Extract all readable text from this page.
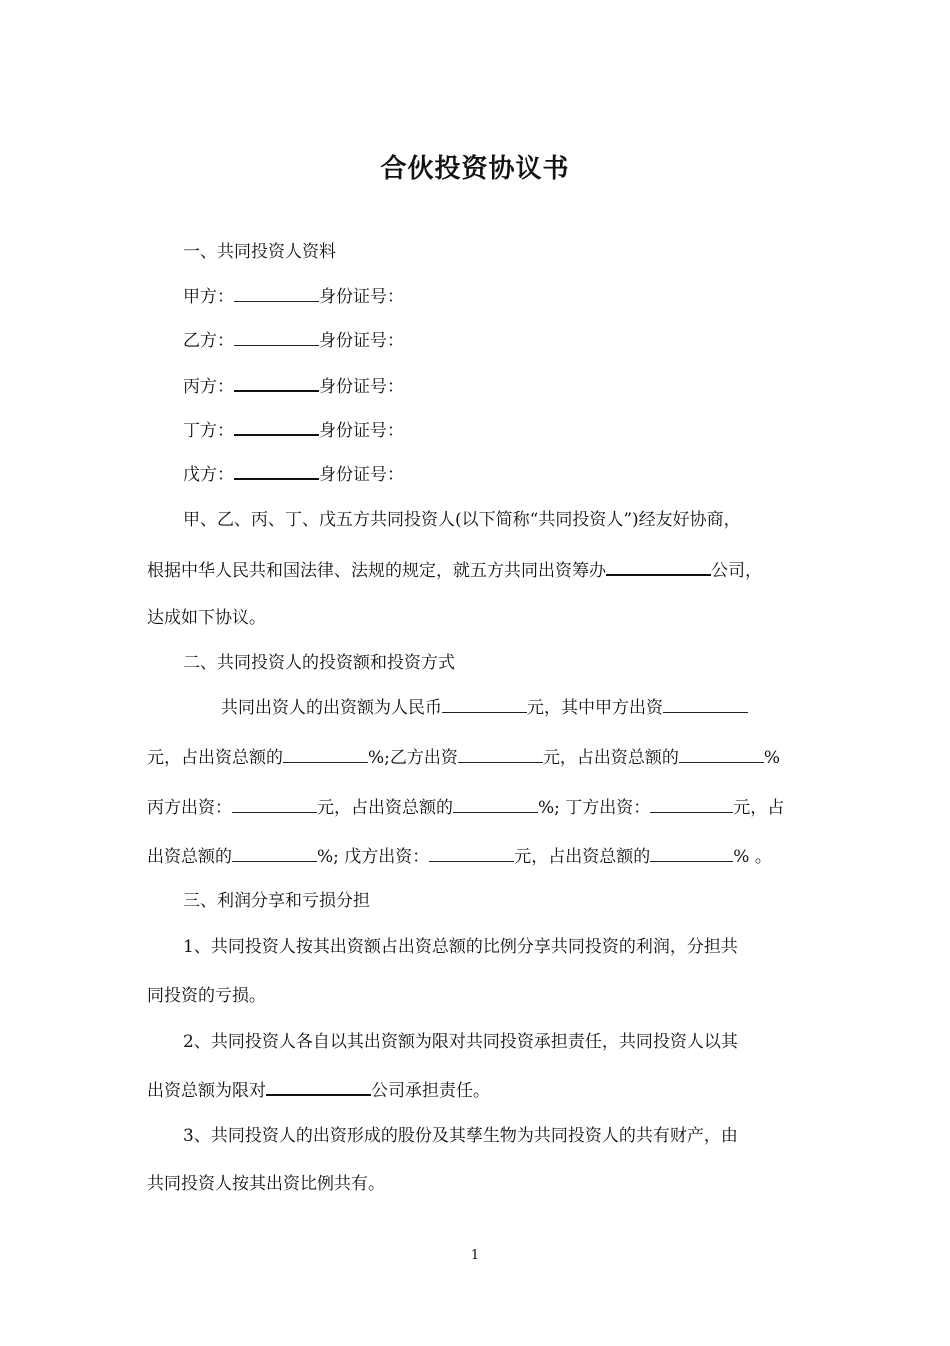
合伙投资协议书
一、共同投资人资料
甲方：	身份证号：
乙方：	身份证号：
丙方：	身份证号：
丁方：	身份证号：
戊方：	身份证号：
甲、乙、丙、丁、戊五方共同投资人(以下简称“共同投资人”)经友好协商，
根据中华人民共和国法律、法规的规定，就五方共同出资筹办	公司，
达成如下协议。
二、共同投资人的投资额和投资方式
共同出资人的出资额为人民币	元，其中甲方出资
元，占出资总额的	%;乙方出资	元，占出资总额的	%
丙方出资：	元，占出资总额的	%; 丁方出资：	元，占
出资总额的	%; 戊方出资：	元，占出资总额的	% 。
三、利润分享和亏损分担
1、共同投资人按其出资额占出资总额的比例分享共同投资的利润，分担共
同投资的亏损。
2、共同投资人各自以其出资额为限对共同投资承担责任，共同投资人以其
出资总额为限对	公司承担责任。
3、共同投资人的出资形成的股份及其孳生物为共同投资人的共有财产，由
共同投资人按其出资比例共有。
1
